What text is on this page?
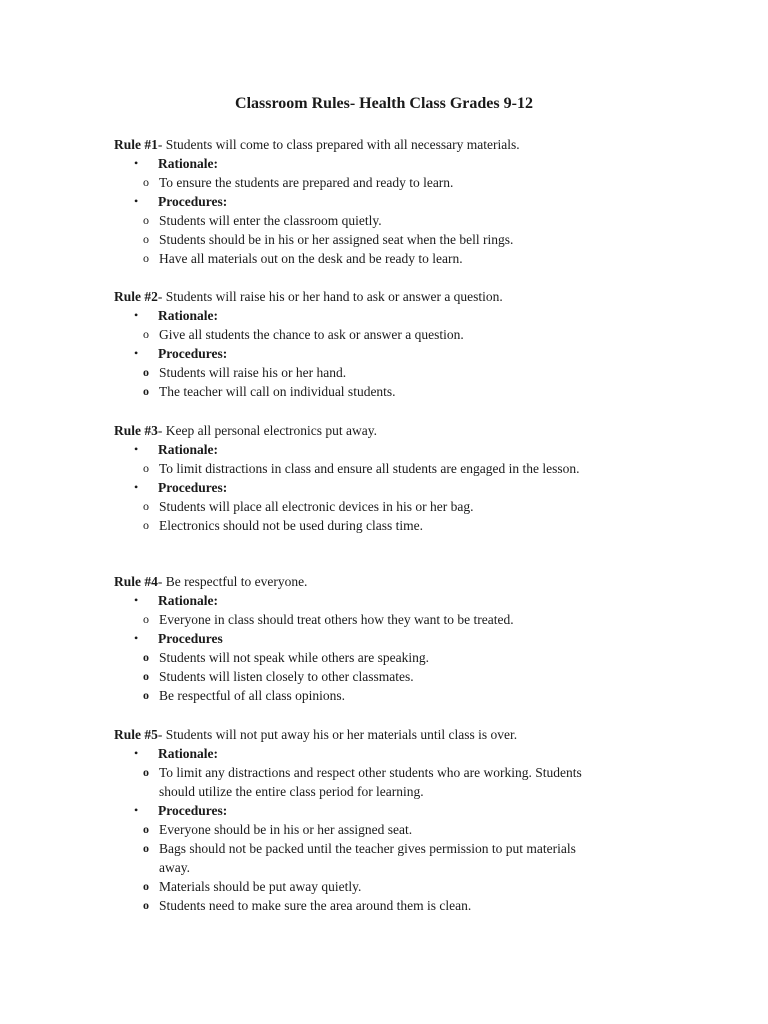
Classroom Rules- Health Class Grades 9-12

Rule #1- Students will come to class prepared with all necessary materials.

• Rationale:
o To ensure the students are prepared and ready to learn.
• Procedures:
o Students will enter the classroom quietly.
o Students should be in his or her assigned seat when the bell rings.
o Have all materials out on the desk and be ready to learn.

Rule #2- Students will raise his or her hand to ask or answer a question.

• Rationale:
o Give all students the chance to ask or answer a question.
• Procedures:
o Students will raise his or her hand.
o The teacher will call on individual students.

Rule #3- Keep all personal electronics put away.

• Rationale:
o To limit distractions in class and ensure all students are engaged in the lesson.
• Procedures:
o Students will place all electronic devices in his or her bag.
o Electronics should not be used during class time.

Rule #4- Be respectful to everyone.

• Rationale:
o Everyone in class should treat others how they want to be treated.
• Procedures
o Students will not speak while others are speaking.
o Students will listen closely to other classmates.
o Be respectful of all class opinions.

Rule #5- Students will not put away his or her materials until class is over.

• Rationale:
o To limit any distractions and respect other students who are working. Students should utilize the entire class period for learning.
• Procedures:
o Everyone should be in his or her assigned seat.
o Bags should not be packed until the teacher gives permission to put materials away.
o Materials should be put away quietly.
o Students need to make sure the area around them is clean.
